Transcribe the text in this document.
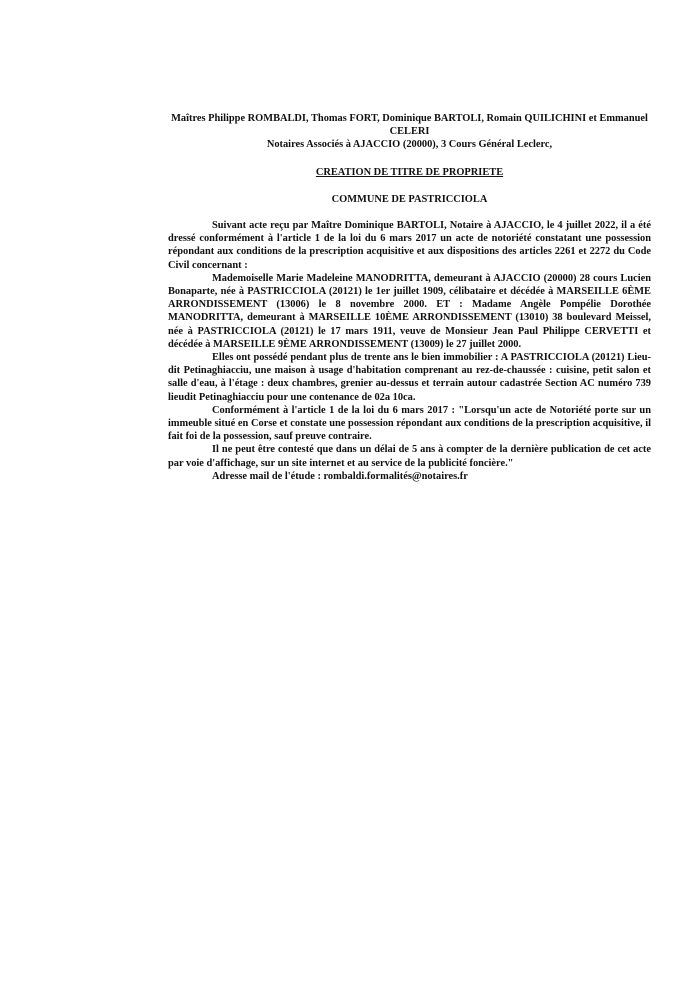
Maîtres Philippe ROMBALDI, Thomas FORT, Dominique BARTOLI, Romain QUILICHINI et Emmanuel CELERI

Notaires Associés à AJACCIO (20000), 3 Cours Général Leclerc,

CREATION DE TITRE DE PROPRIETE

COMMUNE DE PASTRICCIOLA

Suivant acte reçu par Maître Dominique BARTOLI, Notaire à AJACCIO, le 4 juillet 2022, il a été dressé conformément à l'article 1 de la loi du 6 mars 2017 un acte de notoriété constatant une possession répondant aux conditions de la prescription acquisitive et aux dispositions des articles 2261 et 2272 du Code Civil concernant :

Mademoiselle Marie Madeleine MANODRITTA, demeurant à AJACCIO (20000) 28 cours Lucien Bonaparte, née à PASTRICCIOLA (20121) le 1er juillet 1909, célibataire et décédée à MARSEILLE 6ÈME ARRONDISSEMENT (13006) le 8 novembre 2000. ET : Madame Angèle Pompélie Dorothée MANODRITTA, demeurant à MARSEILLE 10ÈME ARRONDISSEMENT (13010) 38 boulevard Meissel, née à PASTRICCIOLA (20121) le 17 mars 1911, veuve de Monsieur Jean Paul Philippe CERVETTI et décédée à MARSEILLE 9ÈME ARRONDISSEMENT (13009) le 27 juillet 2000.

Elles ont possédé pendant plus de trente ans le bien immobilier : A PASTRICCIOLA (20121) Lieu-dit Petinaghiacciu, une maison à usage d'habitation comprenant au rez-de-chaussée : cuisine, petit salon et salle d'eau, à l'étage : deux chambres, grenier au-dessus et terrain autour cadastrée Section AC numéro 739 lieudit Petinaghiacciu pour une contenance de 02a 10ca.

Conformément à l'article 1 de la loi du 6 mars 2017 : "Lorsqu'un acte de Notoriété porte sur un immeuble situé en Corse et constate une possession répondant aux conditions de la prescription acquisitive, il fait foi de la possession, sauf preuve contraire.

Il ne peut être contesté que dans un délai de 5 ans à compter de la dernière publication de cet acte par voie d'affichage, sur un site internet et au service de la publicité foncière."

Adresse mail de l'étude : rombaldi.formalités@notaires.fr
